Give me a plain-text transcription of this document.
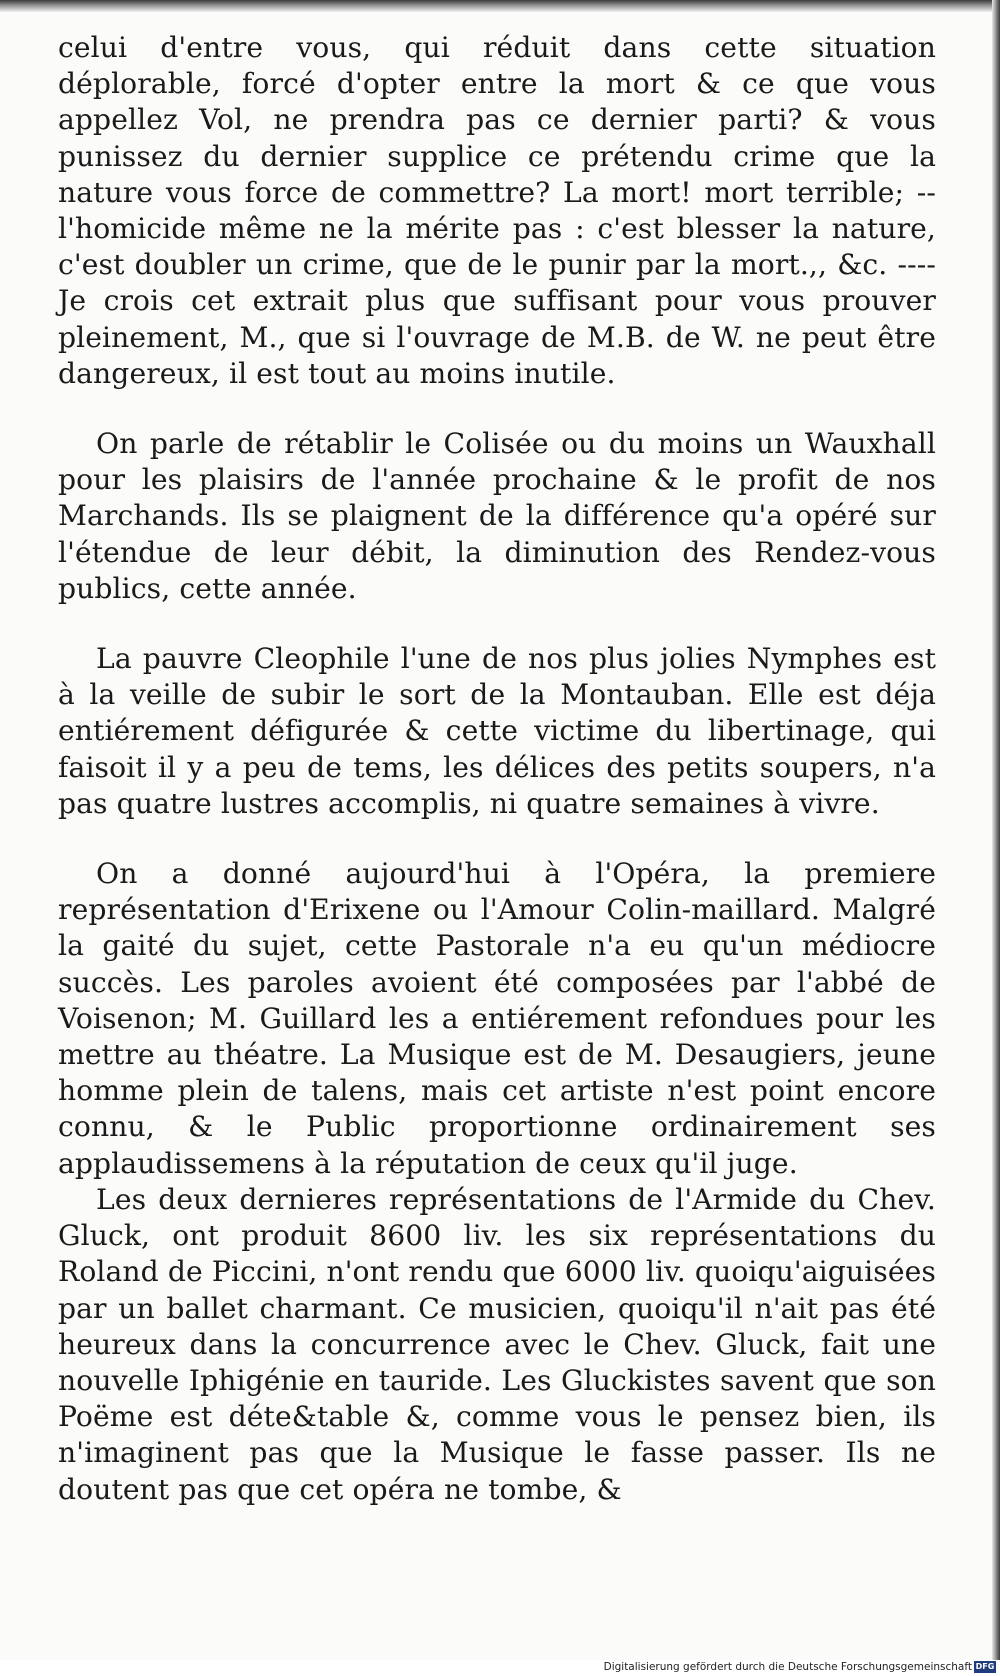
celui d'entre vous, qui réduit dans cette situation déplorable, forcé d'opter entre la mort & ce que vous appellez Vol, ne prendra pas ce dernier parti? & vous punissez du dernier supplice ce prétendu crime que la nature vous force de commettre? La mort! mort terrible; -- l'homicide même ne la mérite pas : c'est blesser la nature, c'est doubler un crime, que de le punir par la mort.,, &c. ---- Je crois cet extrait plus que suffisant pour vous prouver pleinement, M., que si l'ouvrage de M.B. de W. ne peut être dangereux, il est tout au moins inutile.

On parle de rétablir le Colisée ou du moins un Wauxhall pour les plaisirs de l'année prochaine & le profit de nos Marchands. Ils se plaignent de la différence qu'a opéré sur l'étendue de leur débit, la diminution des Rendez-vous publics, cette année.

La pauvre Cleophile l'une de nos plus jolies Nymphes est à la veille de subir le sort de la Montauban. Elle est déja entiérement défigurée & cette victime du libertinage, qui faisoit il y a peu de tems, les délices des petits soupers, n'a pas quatre lustres accomplis, ni quatre semaines à vivre.

On a donné aujourd'hui à l'Opéra, la premiere représentation d'Erixene ou l'Amour Colin-maillard. Malgré la gaité du sujet, cette Pastorale n'a eu qu'un médiocre succès. Les paroles avoient été composées par l'abbé de Voisenon; M. Guillard les a entiérement refondues pour les mettre au théatre. La Musique est de M. Desaugiers, jeune homme plein de talens, mais cet artiste n'est point encore connu, & le Public proportionne ordinairement ses applaudissemens à la réputation de ceux qu'il juge.

Les deux dernieres représentations de l'Armide du Chev. Gluck, ont produit 8600 liv. les six représentations du Roland de Piccini, n'ont rendu que 6000 liv. quoiqu'aiguisées par un ballet charmant. Ce musicien, quoiqu'il n'ait pas été heureux dans la concurrence avec le Chev. Gluck, fait une nouvelle Iphigénie en tauride. Les Gluckistes savent que son Poëme est déte&table &, comme vous le pensez bien, ils n'imaginent pas que la Musique le fasse passer. Ils ne doutent pas que cet opéra ne tombe, &

Digitalisierung gefördert durch die Deutsche Forschungsgemeinschaft DFG
